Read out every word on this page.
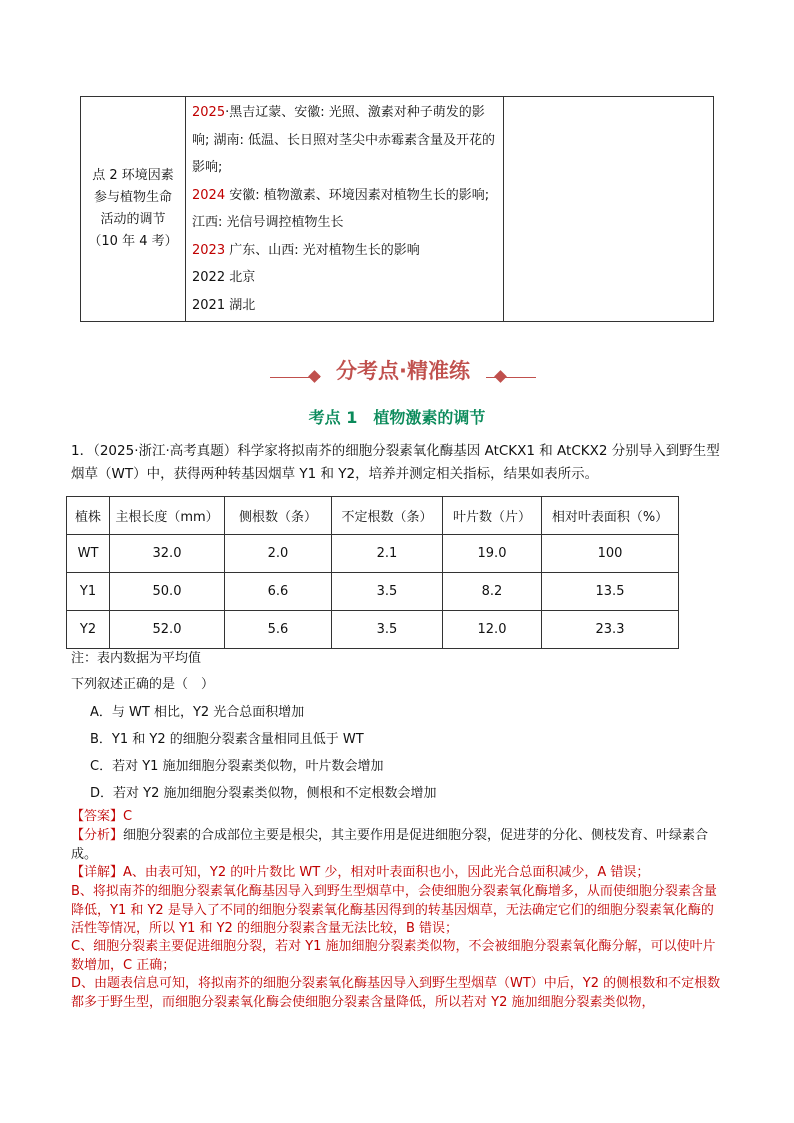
点 2 环境因素
参与植物生命
活动的调节
（10 年 4 考）

2025·黑吉辽蒙、安徽: 光照、激素对种子萌发的影响; 湖南: 低温、长日照对茎尖中赤霉素含量及开花的影响;
2024 安徽: 植物激素、环境因素对植物生长的影响; 江西: 光信号调控植物生长
2023 广东、山西: 光对植物生长的影响
2022 北京
2021 湖北

分考点·精准练
考点 1　植物激素的调节
1．（2025·浙江·高考真题）科学家将拟南芥的细胞分裂素氧化酶基因 AtCKX1 和 AtCKX2 分别导入到野生型
烟草（WT）中，获得两种转基因烟草 Y1 和 Y2，培养并测定相关指标，结果如表所示。
植株	主根长度（mm）	侧根数（条）	不定根数（条）	叶片数（片）	相对叶表面积（%）
WT	32.0	2.0	2.1	19.0	100
Y1	50.0	6.6	3.5	8.2	13.5
Y2	52.0	5.6	3.5	12.0	23.3
注：表内数据为平均值
下列叙述正确的是（　）
A．与 WT 相比，Y2 光合总面积增加
B．Y1 和 Y2 的细胞分裂素含量相同且低于 WT
C．若对 Y1 施加细胞分裂素类似物，叶片数会增加
D．若对 Y2 施加细胞分裂素类似物，侧根和不定根数会增加
【答案】C
【分析】细胞分裂素的合成部位主要是根尖，其主要作用是促进细胞分裂，促进芽的分化、侧枝发育、叶绿素合成。
【详解】A、由表可知，Y2 的叶片数比 WT 少，相对叶表面积也小，因此光合总面积减少，A 错误；
B、将拟南芥的细胞分裂素氧化酶基因导入到野生型烟草中，会使细胞分裂素氧化酶增多，从而使细胞分裂素含量降低，Y1 和 Y2 是导入了不同的细胞分裂素氧化酶基因得到的转基因烟草，无法确定它们的细胞分裂素氧化酶的活性等情况，所以 Y1 和 Y2 的细胞分裂素含量无法比较，B 错误；
C、细胞分裂素主要促进细胞分裂，若对 Y1 施加细胞分裂素类似物，不会被细胞分裂素氧化酶分解，可以使叶片数增加，C 正确；
D、由题表信息可知，将拟南芥的细胞分裂素氧化酶基因导入到野生型烟草（WT）中后，Y2 的侧根数和不定根数都多于野生型，而细胞分裂素氧化酶会使细胞分裂素含量降低，所以若对 Y2 施加细胞分裂素类似物，
